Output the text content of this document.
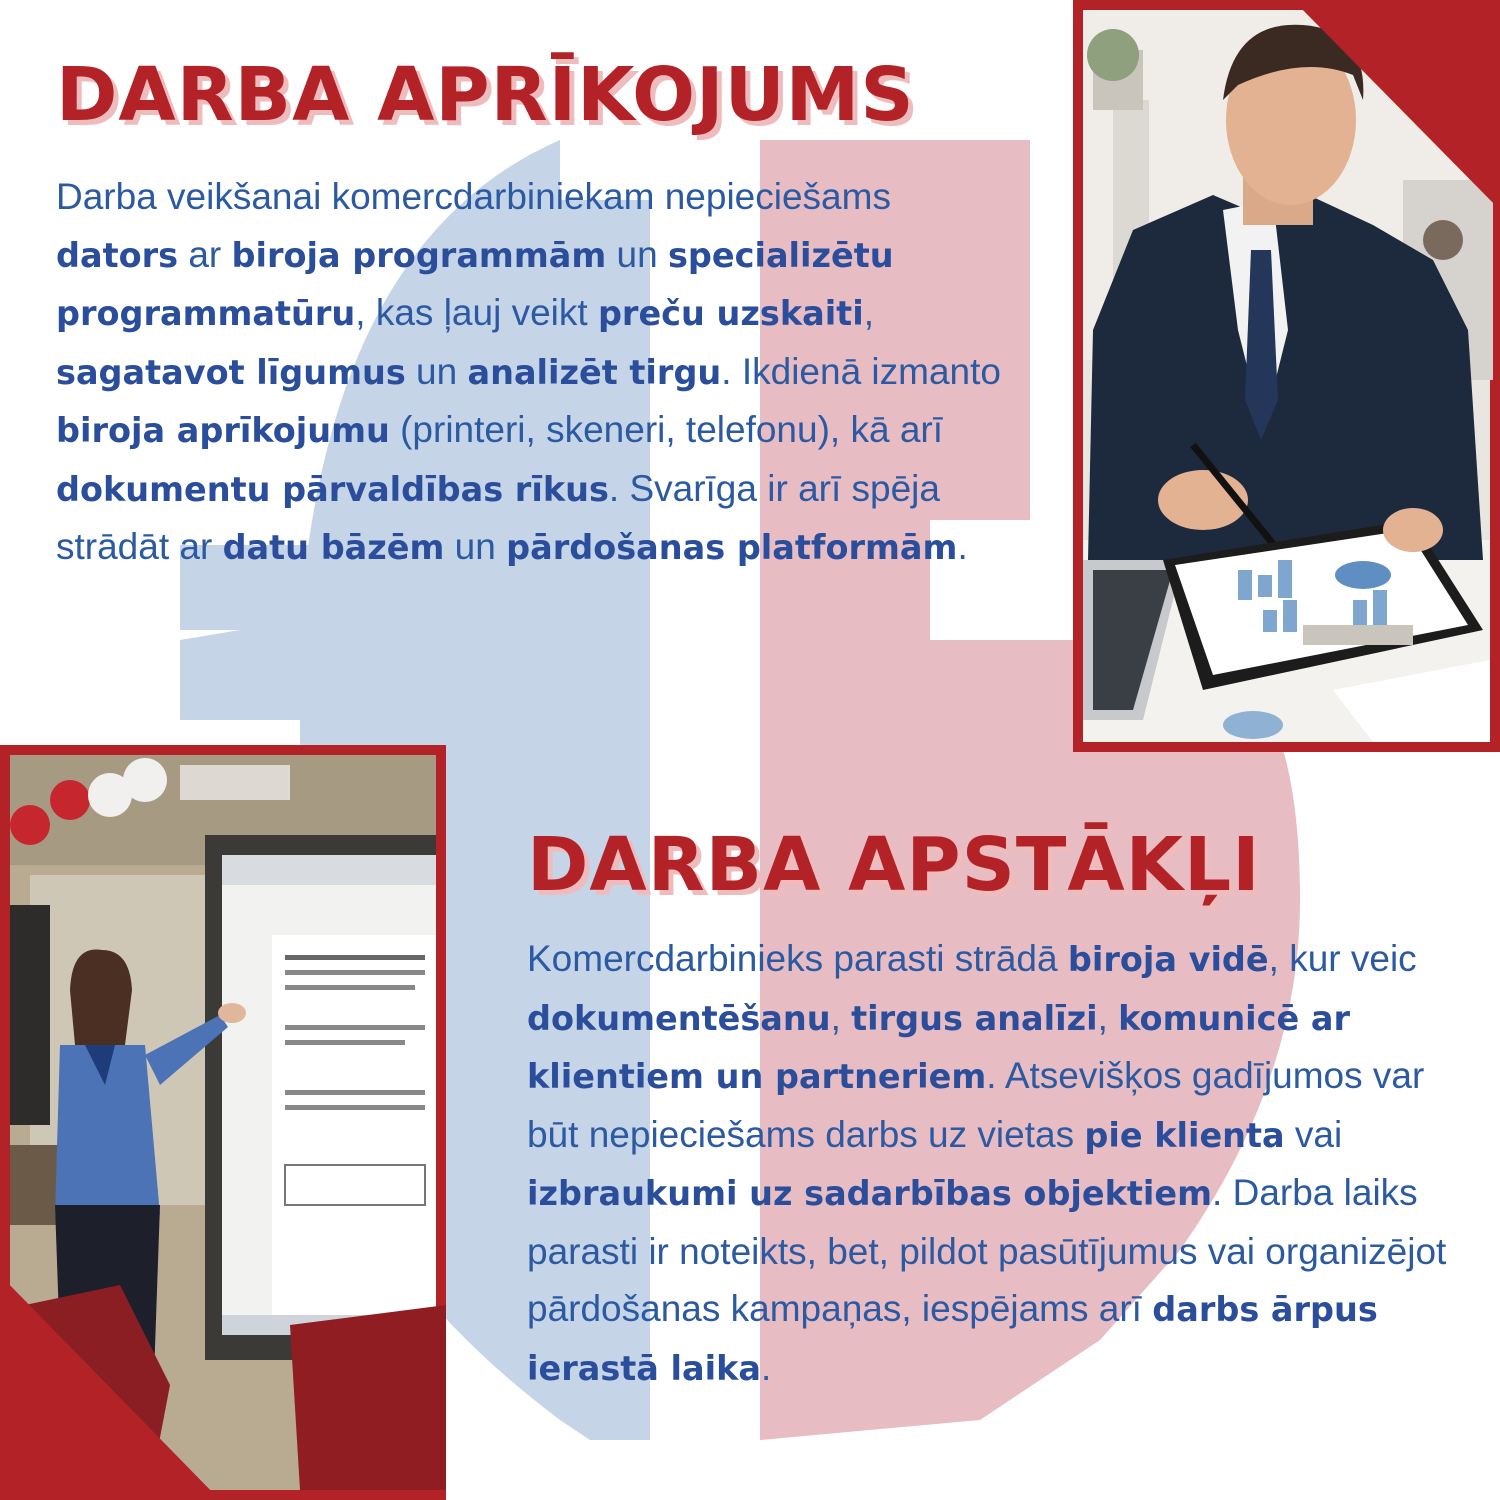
DARBA APRĪKOJUMS

Darba veikšanai komercdarbiniekam nepieciešams dators ar biroja programmām un specializētu programmatūru, kas ļauj veikt preču uzskaiti, sagatavot līgumus un analizēt tirgu. Ikdienā izmanto biroja aprīkojumu (printeri, skeneri, telefonu), kā arī dokumentu pārvaldības rīkus. Svarīga ir arī spēja strādāt ar datu bāzēm un pārdošanas platformām.

DARBA APSTĀKĻI

Komercdarbinieks parasti strādā biroja vidē, kur veic dokumentēšanu, tirgus analīzi, komunicē ar klientiem un partneriem. Atsevišķos gadījumos var būt nepieciešams darbs uz vietas pie klienta vai izbraukumi uz sadarbības objektiem. Darba laiks parasti ir noteikts, bet, pildot pasūtījumus vai organizējot pārdošanas kampaņas, iespējams arī darbs ārpus ierastā laika.
